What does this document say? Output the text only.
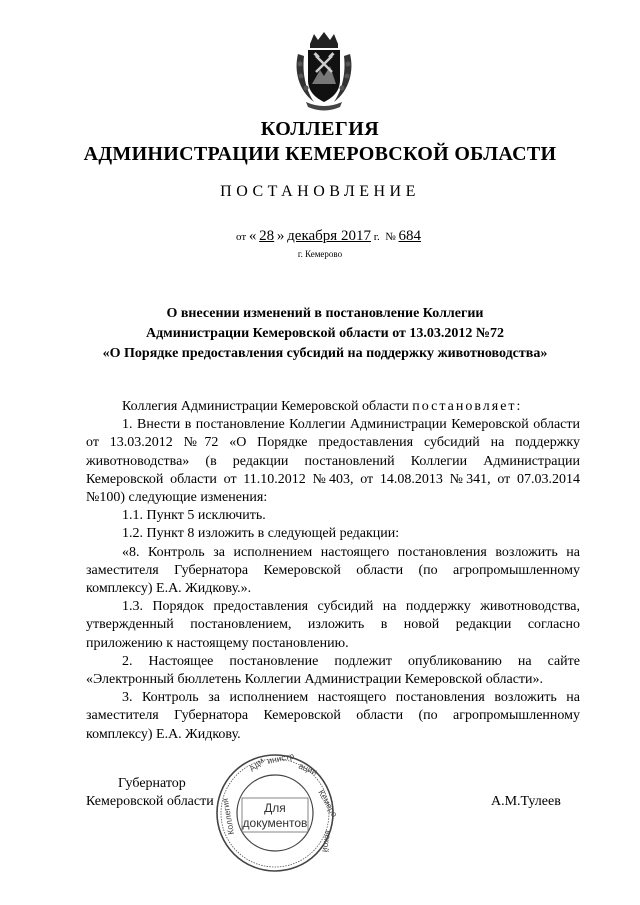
КОЛЛЕГИЯ
АДМИНИСТРАЦИИ КЕМЕРОВСКОЙ ОБЛАСТИ
ПОСТАНОВЛЕНИЕ
от « 28 » декабря 2017 г. № 684
г. Кемерово
О внесении изменений в постановление Коллегии
Администрации Кемеровской области от 13.03.2012 №72
«О Порядке предоставления субсидий на поддержку животноводства»
Коллегия Администрации Кемеровской области постановляет:
1. Внести в постановление Коллегии Администрации Кемеровской области от 13.03.2012 №72 «О Порядке предоставления субсидий на поддержку животноводства» (в редакции постановлений Коллегии Администрации Кемеровской области от 11.10.2012 №403, от 14.08.2013 №341, от 07.03.2014 №100) следующие изменения:
1.1. Пункт 5 исключить.
1.2. Пункт 8 изложить в следующей редакции:
«8. Контроль за исполнением настоящего постановления возложить на заместителя Губернатора Кемеровской области (по агропромышленному комплексу) Е.А. Жидкову.».
1.3. Порядок предоставления субсидий на поддержку животноводства, утвержденный постановлением, изложить в новой редакции согласно приложению к настоящему постановлению.
2. Настоящее постановление подлежит опубликованию на сайте «Электронный бюллетень Коллегии Администрации Кемеровской области».
3. Контроль за исполнением настоящего постановления возложить на заместителя Губернатора Кемеровской области (по агропромышленному комплексу) Е.А. Жидкову.
Губернатор
Кемеровской области	А.М.Тулеев
Для
документов
Адм инистр
ации
Кемеро
вской
Коллегия
